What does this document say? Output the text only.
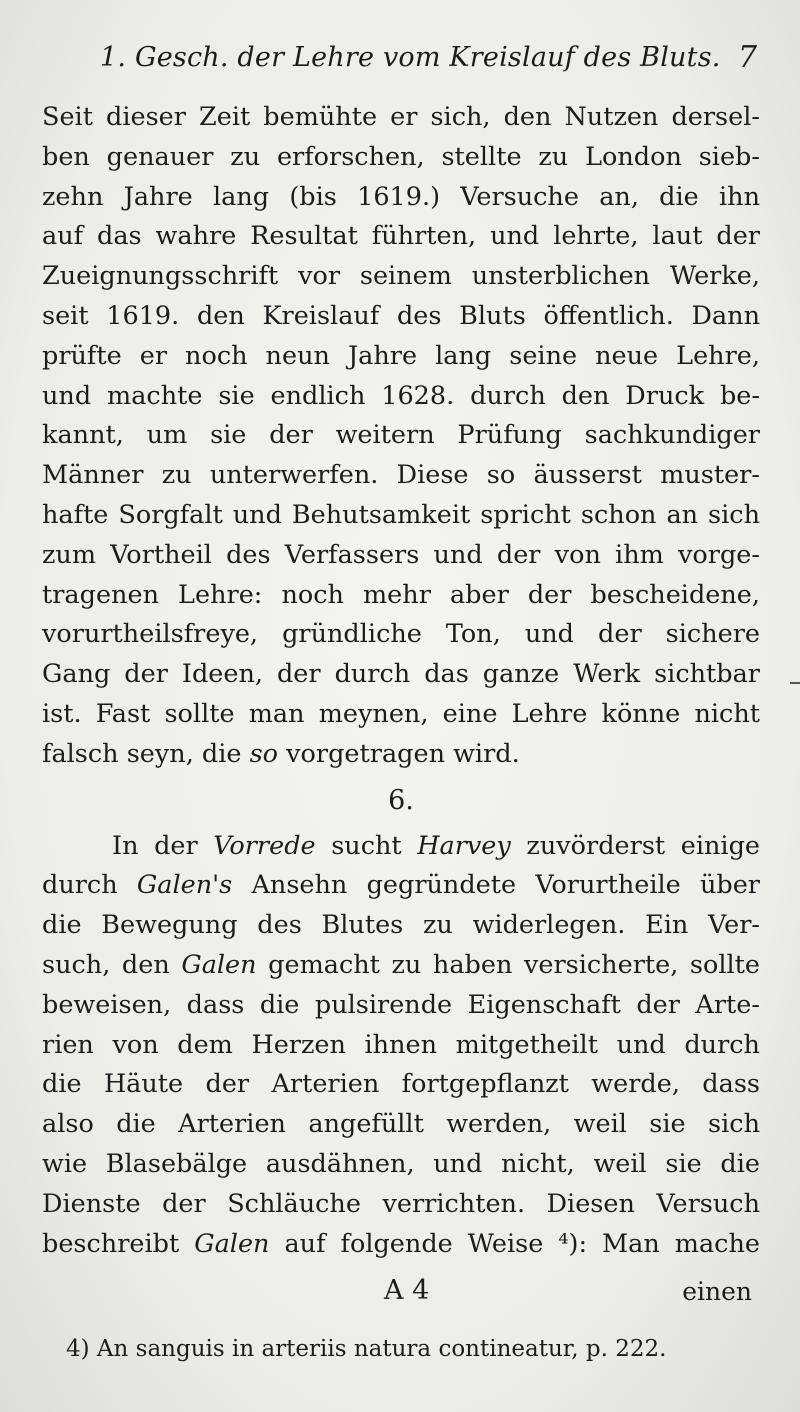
1. Gesch. der Lehre vom Kreislauf des Bluts. 7
Seit dieser Zeit bemühte er sich, den Nutzen dersel-
ben genauer zu erforschen, stellte zu London sieb-
zehn Jahre lang (bis 1619.) Versuche an, die ihn
auf das wahre Resultat führten, und lehrte, laut der
Zueignungsschrift vor seinem unsterblichen Werke,
seit 1619. den Kreislauf des Bluts öffentlich. Dann
prüfte er noch neun Jahre lang seine neue Lehre,
und machte sie endlich 1628. durch den Druck be-
kannt, um sie der weitern Prüfung sachkundiger
Männer zu unterwerfen. Diese so äusserst muster-
hafte Sorgfalt und Behutsamkeit spricht schon an sich
zum Vortheil des Verfassers und der von ihm vorge-
tragenen Lehre: noch mehr aber der bescheidene,
vorurtheilsfreye, gründliche Ton, und der sichere
Gang der Ideen, der durch das ganze Werk sichtbar
ist. Fast sollte man meynen, eine Lehre könne nicht
falsch seyn, die so vorgetragen wird.
6.
In der Vorrede sucht Harvey zuvörderst einige
durch Galen's Ansehn gegründete Vorurtheile über
die Bewegung des Blutes zu widerlegen. Ein Ver-
such, den Galen gemacht zu haben versicherte, sollte
beweisen, dass die pulsirende Eigenschaft der Arte-
rien von dem Herzen ihnen mitgetheilt und durch
die Häute der Arterien fortgepflanzt werde, dass
also die Arterien angefüllt werden, weil sie sich
wie Blasebälge ausdähnen, und nicht, weil sie die
Dienste der Schläuche verrichten. Diesen Versuch
beschreibt Galen auf folgende Weise ⁴): Man mache
A 4	einen
4) An sanguis in arteriis natura contineatur, p. 222.
